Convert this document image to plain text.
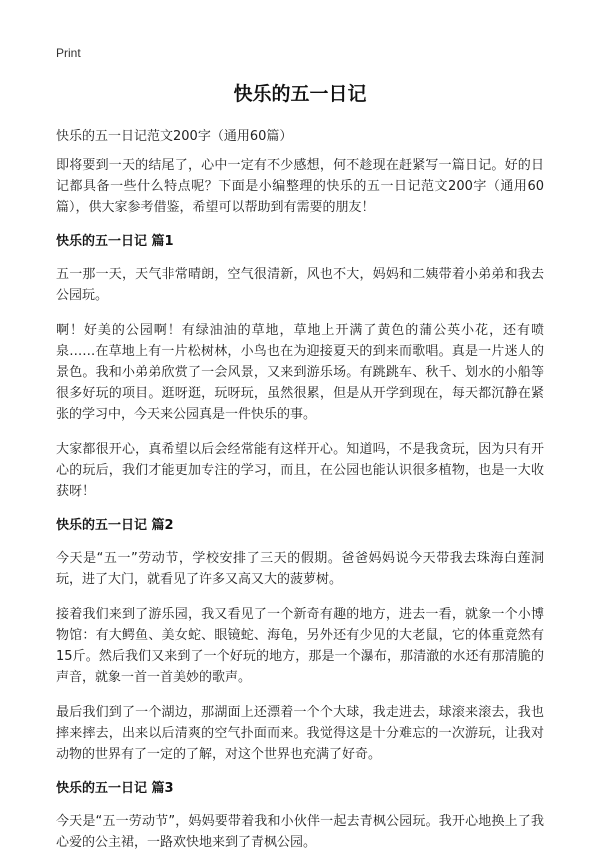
Print
快乐的五一日记
快乐的五一日记范文200字（通用60篇）

即将要到一天的结尾了，心中一定有不少感想，何不趁现在赶紧写一篇日记。好的日记都具备一些什么特点呢？下面是小编整理的快乐的五一日记范文200字（通用60篇），供大家参考借鉴，希望可以帮助到有需要的朋友！

快乐的五一日记 篇1

五一那一天，天气非常晴朗，空气很清新，风也不大，妈妈和二姨带着小弟弟和我去公园玩。

啊！好美的公园啊！有绿油油的草地，草地上开满了黄色的蒲公英小花，还有喷泉……在草地上有一片松树林，小鸟也在为迎接夏天的到来而歌唱。真是一片迷人的景色。我和小弟弟欣赏了一会风景，又来到游乐场。有跳跳车、秋千、划水的小船等很多好玩的项目。逛呀逛，玩呀玩，虽然很累，但是从开学到现在，每天都沉静在紧张的学习中，今天来公园真是一件快乐的事。

大家都很开心，真希望以后会经常能有这样开心。知道吗，不是我贪玩，因为只有开心的玩后，我们才能更加专注的学习，而且，在公园也能认识很多植物，也是一大收获呀！

快乐的五一日记 篇2

今天是“五一”劳动节，学校安排了三天的假期。爸爸妈妈说今天带我去珠海白莲洞玩，进了大门，就看见了许多又高又大的菠萝树。

接着我们来到了游乐园，我又看见了一个新奇有趣的地方，进去一看，就象一个小博物馆：有大鳄鱼、美女蛇、眼镜蛇、海龟，另外还有少见的大老鼠，它的体重竟然有15斤。然后我们又来到了一个好玩的地方，那是一个瀑布，那清澈的水还有那清脆的声音，就象一首一首美妙的歌声。

最后我们到了一个湖边，那湖面上还漂着一个个大球，我走进去，球滚来滚去，我也摔来摔去，出来以后清爽的空气扑面而来。我觉得这是十分难忘的一次游玩，让我对动物的世界有了一定的了解，对这个世界也充满了好奇。

快乐的五一日记 篇3

今天是“五一劳动节”，妈妈要带着我和小伙伴一起去青枫公园玩。我开心地换上了我心爱的公主裙，一路欢快地来到了青枫公园。
